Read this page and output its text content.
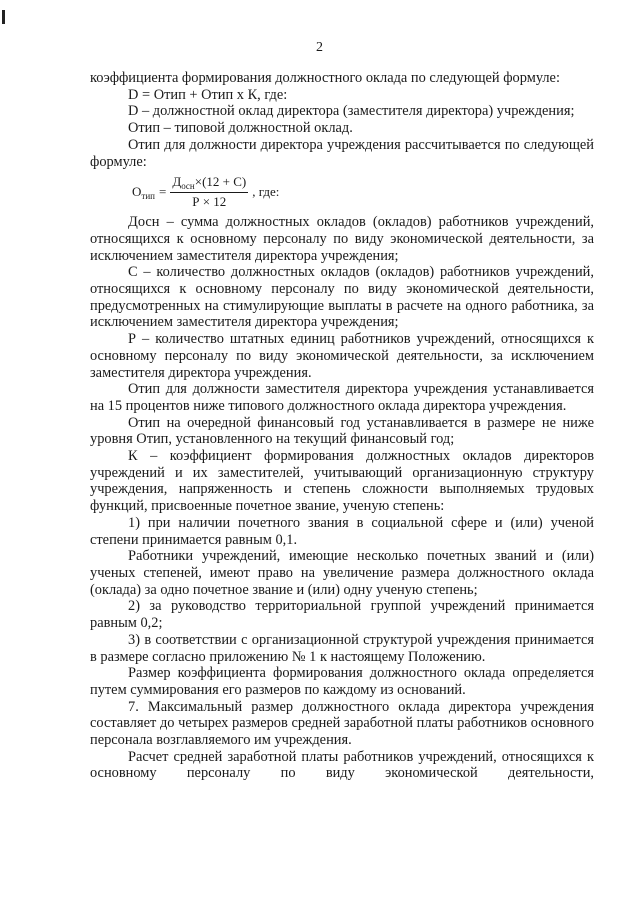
2

коэффициента формирования должностного оклада по следующей формуле:

D = Отип + Отип х К, где:

D – должностной оклад директора (заместителя директора) учреждения;

Отип – типовой должностной оклад.

Отип для должности директора учреждения рассчитывается по следующей формуле:

$О_{тип} = \frac{Д_{осн}\times(12 + С)}{Р \times 12}$ , где:

Досн – сумма должностных окладов (окладов) работников учреждений, относящихся к основному персоналу по виду экономической деятельности, за исключением заместителя директора учреждения;

С – количество должностных окладов (окладов) работников учреждений, относящихся к основному персоналу по виду экономической деятельности, предусмотренных на стимулирующие выплаты в расчете на одного работника, за исключением заместителя директора учреждения;

Р – количество штатных единиц работников учреждений, относящихся к основному персоналу по виду экономической деятельности, за исключением заместителя директора учреждения.

Отип для должности заместителя директора учреждения устанавливается на 15 процентов ниже типового должностного оклада директора учреждения.

Отип на очередной финансовый год устанавливается в размере не ниже уровня Отип, установленного на текущий финансовый год;

К – коэффициент формирования должностных окладов директоров учреждений и их заместителей, учитывающий организационную структуру учреждения, напряженность и степень сложности выполняемых трудовых функций, присвоенные почетное звание, ученую степень:

1) при наличии почетного звания в социальной сфере и (или) ученой степени принимается равным 0,1.

Работники учреждений, имеющие несколько почетных званий и (или) ученых степеней, имеют право на увеличение размера должностного оклада (оклада) за одно почетное звание и (или) одну ученую степень;

2) за руководство территориальной группой учреждений принимается равным 0,2;

3) в соответствии с организационной структурой учреждения принимается в размере согласно приложению № 1 к настоящему Положению.

Размер коэффициента формирования должностного оклада определяется путем суммирования его размеров по каждому из оснований.

7. Максимальный размер должностного оклада директора учреждения составляет до четырех размеров средней заработной платы работников основного персонала возглавляемого им учреждения.

Расчет средней заработной платы работников учреждений, относящихся к основному персоналу по виду экономической деятельности,
